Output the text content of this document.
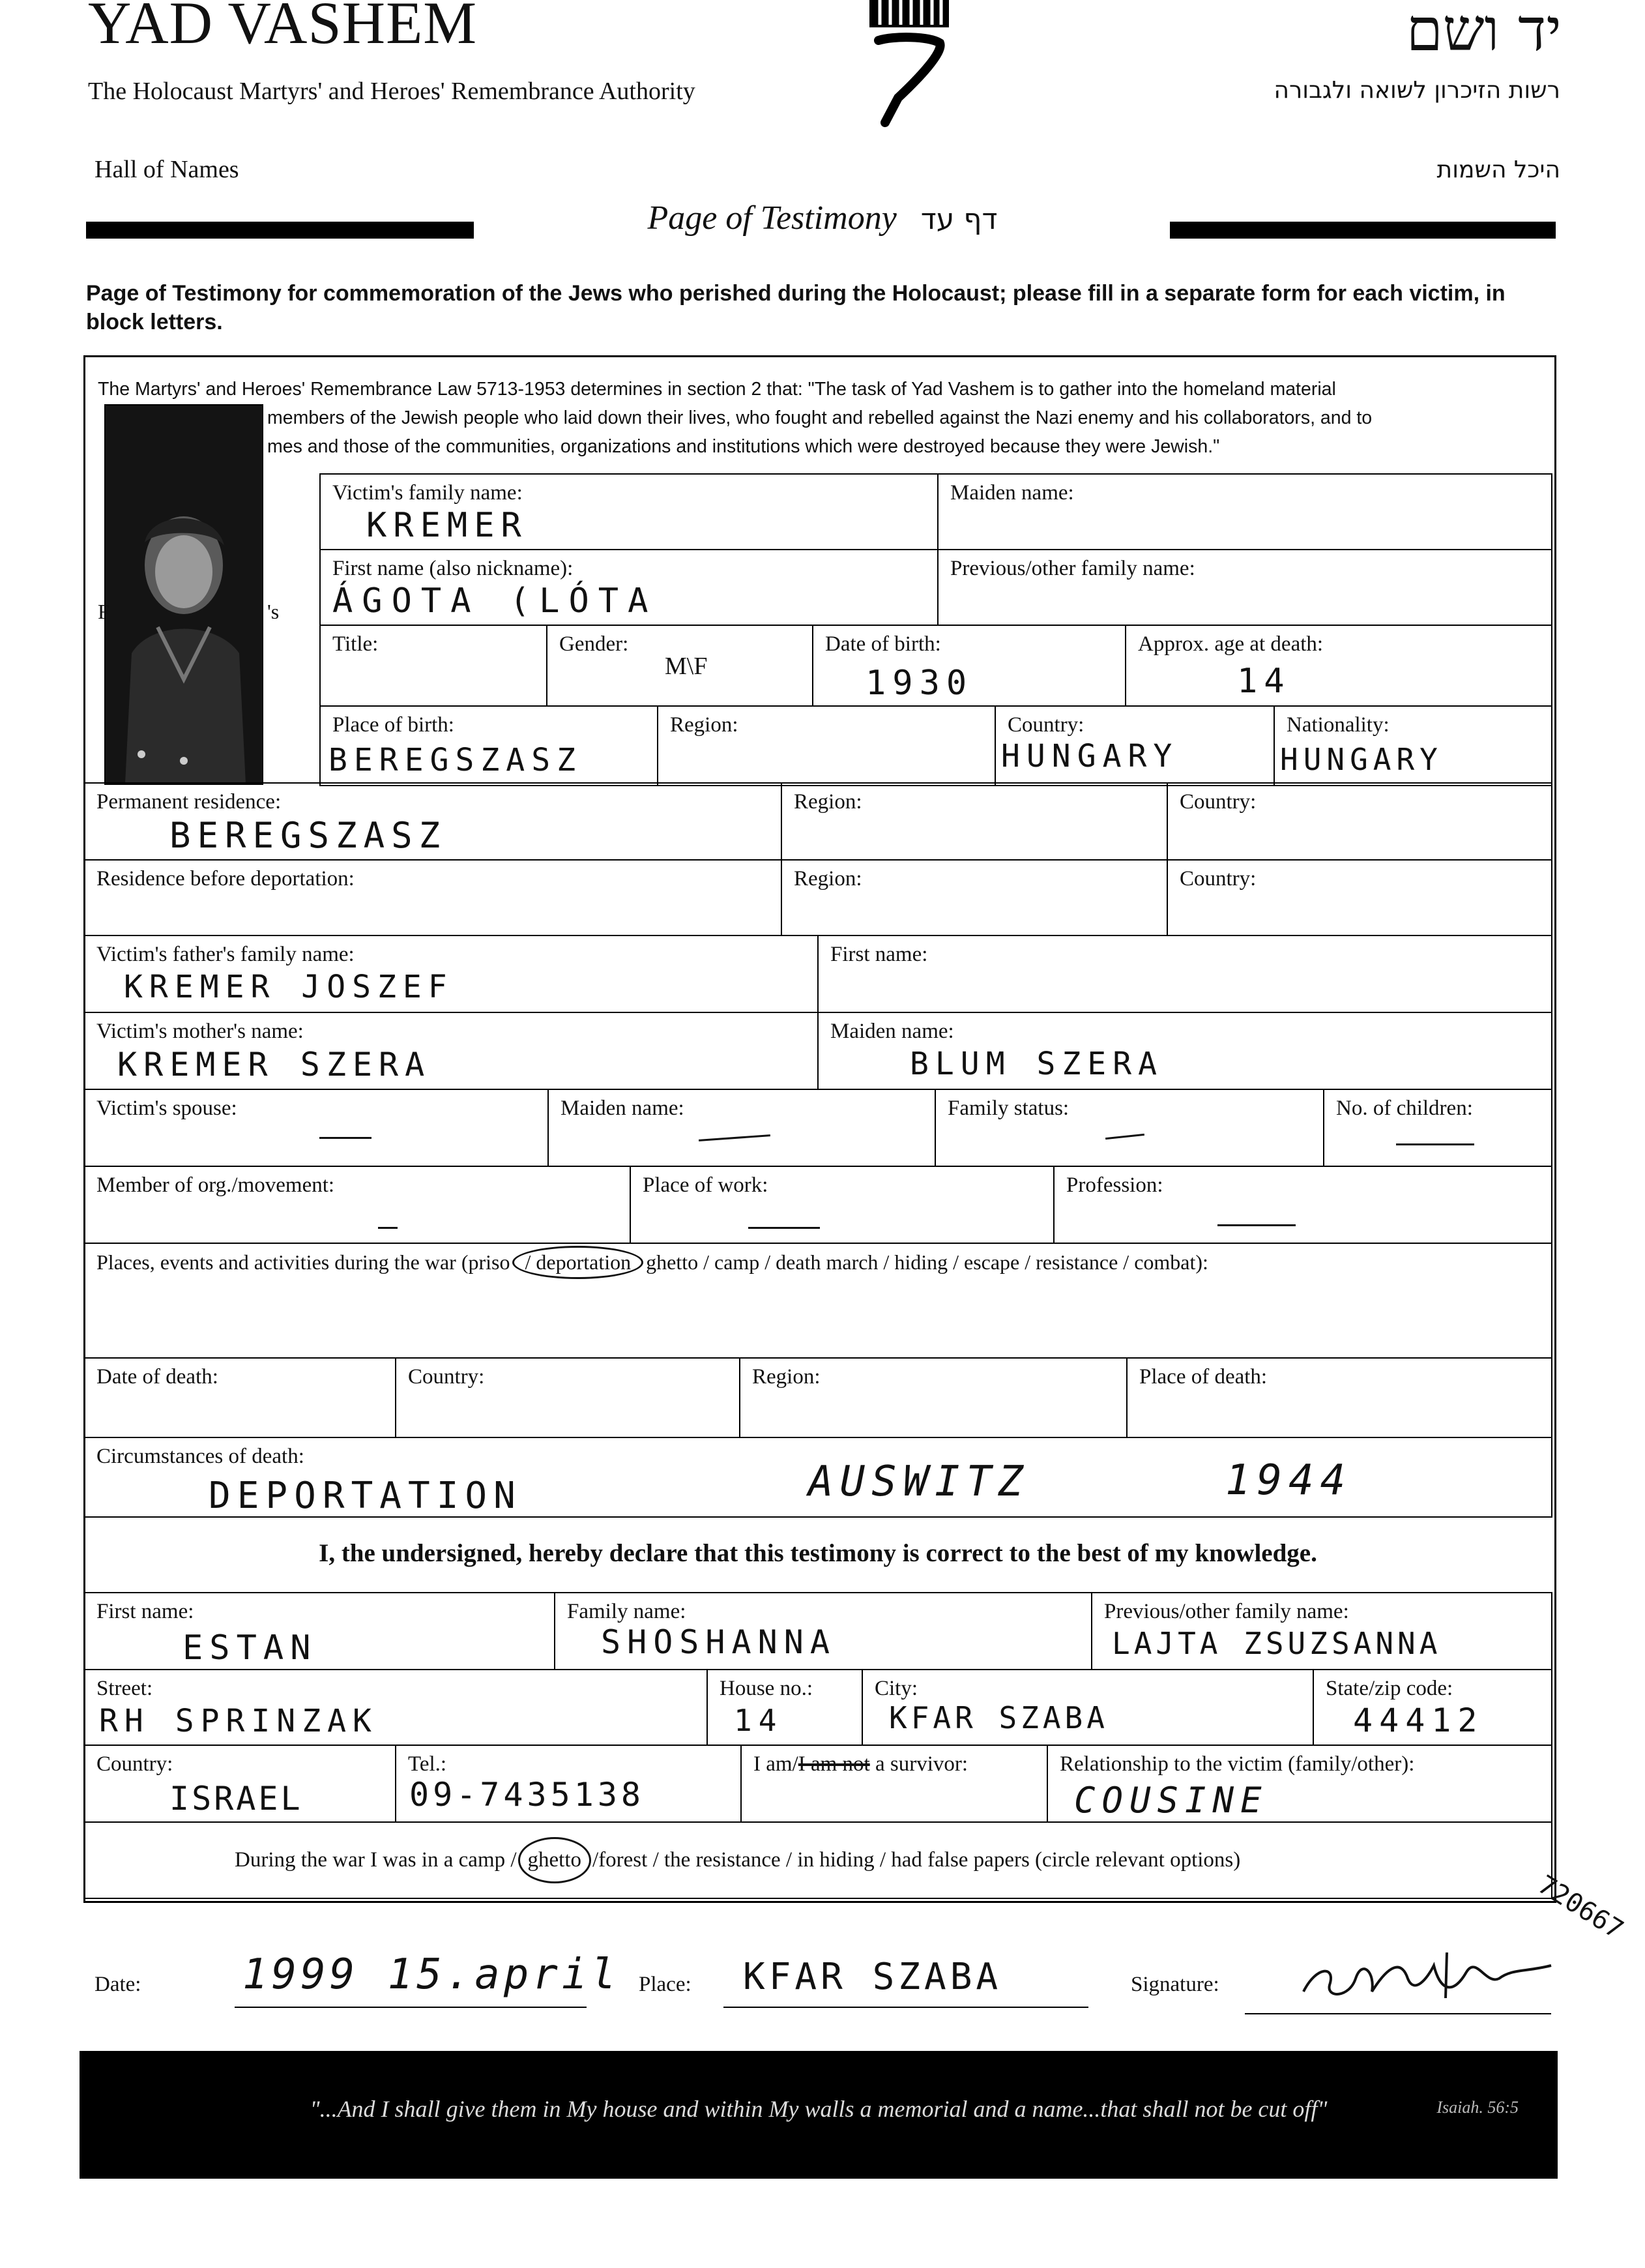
YAD VASHEM
The Holocaust Martyrs' and Heroes' Remembrance Authority
יד ושם
רשות הזיכרון לשואה ולגבורה
Hall of Names	היכל השמות
Page of Testimony דף עד
Page of Testimony for commemoration of the Jews who perished during the Holocaust; please fill in a separate form for each victim, in block letters.
The Martyrs' and Heroes' Remembrance Law 5713-1953 determines in section 2 that: "The task of Yad Vashem is to gather into the homeland material
members of the Jewish people who laid down their lives, who fought and rebelled against the Nazi enemy and his collaborators, and to
mes and those of the communities, organizations and institutions which were destroyed because they were Jewish."
F	's
Victim's family name:
KREMER
Maiden name:
First name (also nickname):
ÁGOTA (LÓTA
Previous/other family name:
Title:	Gender:
M\F
Date of birth:
1930
Approx. age at death:
14
Place of birth:
BEREGSZASZ
Region:	Country:
HUNGARY
Nationality:
HUNGARY
Permanent residence:
BEREGSZASZ
Region:	Country:
Residence before deportation:	Region:	Country:
Victim's father's family name:
KREMER JOSZEF
First name:
Victim's mother's name:
KREMER SZERA
Maiden name:
BLUM SZERA
Victim's spouse:	Maiden name:	Family status:	No. of children:
Member of org./movement:	Place of work:	Profession:
Places, events and activities during the war (priso / deportation ghetto / camp / death march / hiding / escape / resistance / combat):
Date of death:	Country:	Region:	Place of death:
Circumstances of death:
DEPORTATION	AUSWITZ	1944
I, the undersigned, hereby declare that this testimony is correct to the best of my knowledge.
First name:
ESTAN
Family name:
SHOSHANNA
Previous/other family name:
LAJTA ZSUZSANNA
Street:
RH SPRINZAK
House no.:
14
City:
KFAR SZABA
State/zip code:
44412
Country:
ISRAEL
Tel.:
09-7435138
I am/I am not a survivor:	Relationship to the victim (family/other):
COUSINE
During the war I was in a camp / ghetto /forest / the resistance / in hiding / had false papers (circle relevant options)
720667
Date: 1999 15.april Place: KFAR SZABA	Signature:
"...And I shall give them in My house and within My walls a memorial and a name...that shall not be cut off"	Isaiah. 56:5
